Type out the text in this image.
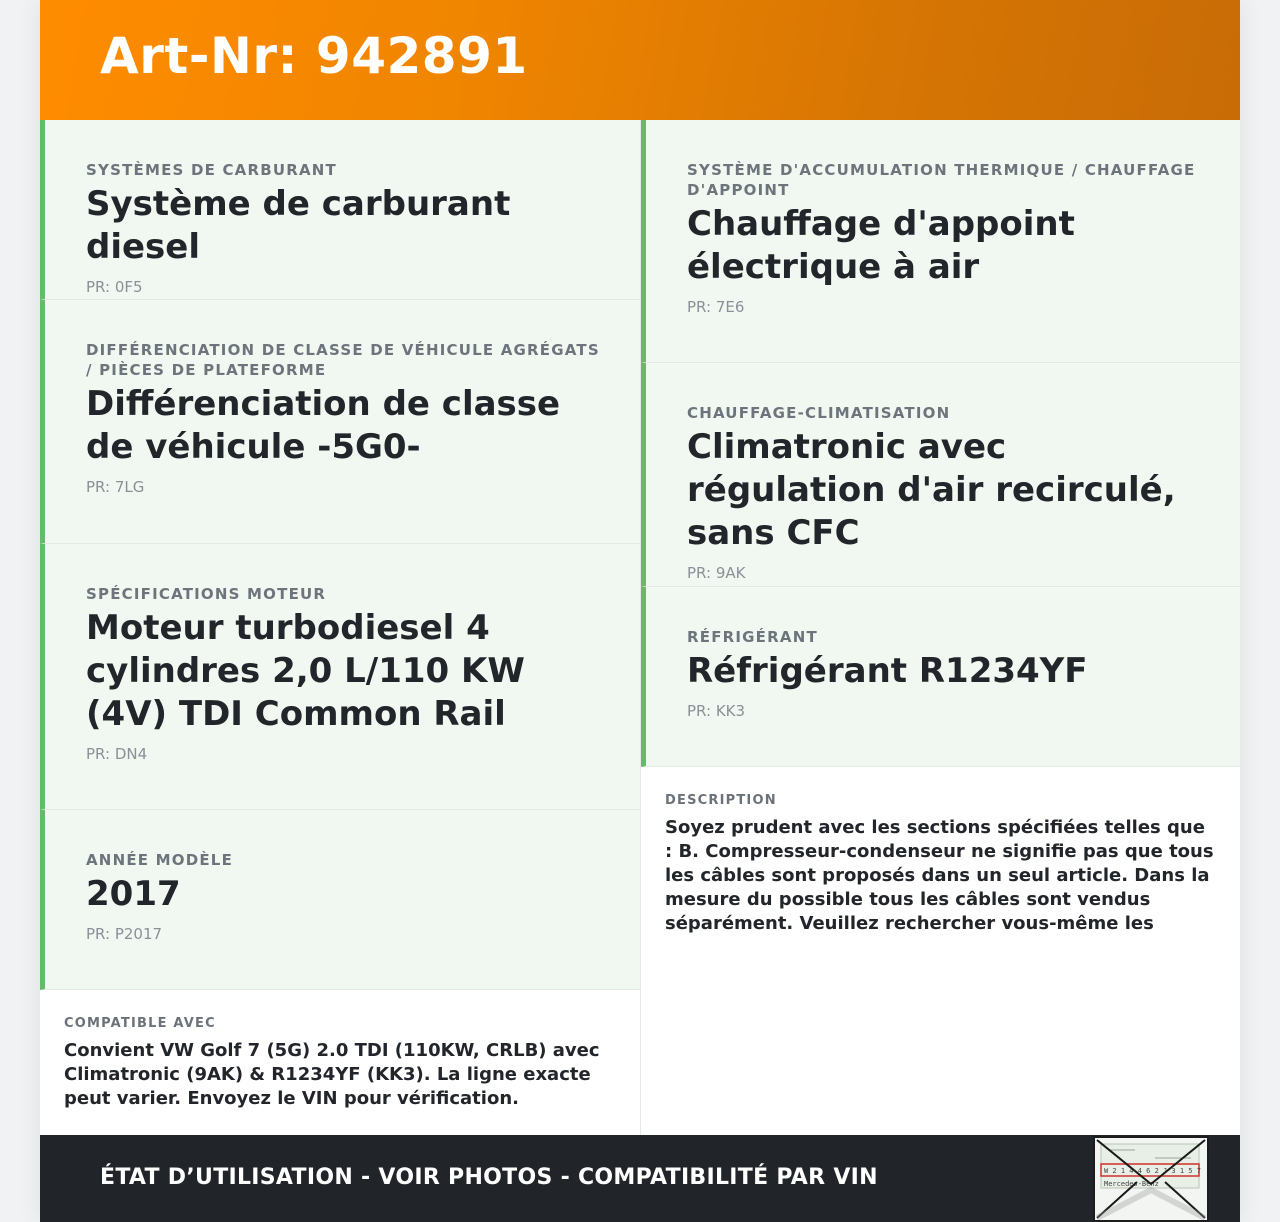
Art-Nr: 942891
SYSTÈMES DE CARBURANT
Système de carburant diesel
PR: 0F5
DIFFÉRENCIATION DE CLASSE DE VÉHICULE AGRÉGATS / PIÈCES DE PLATEFORME
Différenciation de classe de véhicule -5G0-
PR: 7LG
SPÉCIFICATIONS MOTEUR
Moteur turbodiesel 4 cylindres 2,0 L/110 KW (4V) TDI Common Rail
PR: DN4
ANNÉE MODÈLE
2017
PR: P2017
COMPATIBLE AVEC
Convient VW Golf 7 (5G) 2.0 TDI (110KW, CRLB) avec Climatronic (9AK) & R1234YF (KK3). La ligne exacte peut varier. Envoyez le VIN pour vérification.
SYSTÈME D'ACCUMULATION THERMIQUE / CHAUFFAGE D'APPOINT
Chauffage d'appoint électrique à air
PR: 7E6
CHAUFFAGE-CLIMATISATION
Climatronic avec régulation d'air recirculé, sans CFC
PR: 9AK
RÉFRIGÉRANT
Réfrigérant R1234YF
PR: KK3
DESCRIPTION
Soyez prudent avec les sections spécifiées telles que : B. Compresseur-condenseur ne signifie pas que tous les câbles sont proposés dans un seul article. Dans la mesure du possible tous les câbles sont vendus séparément. Veuillez rechercher vous-même les
ÉTAT D’UTILISATION - VOIR PHOTOS - COMPATIBILITÉ PAR VIN	W 2 1 4 4 6 2 J 3 1 5 7
Mercedes-Benz
